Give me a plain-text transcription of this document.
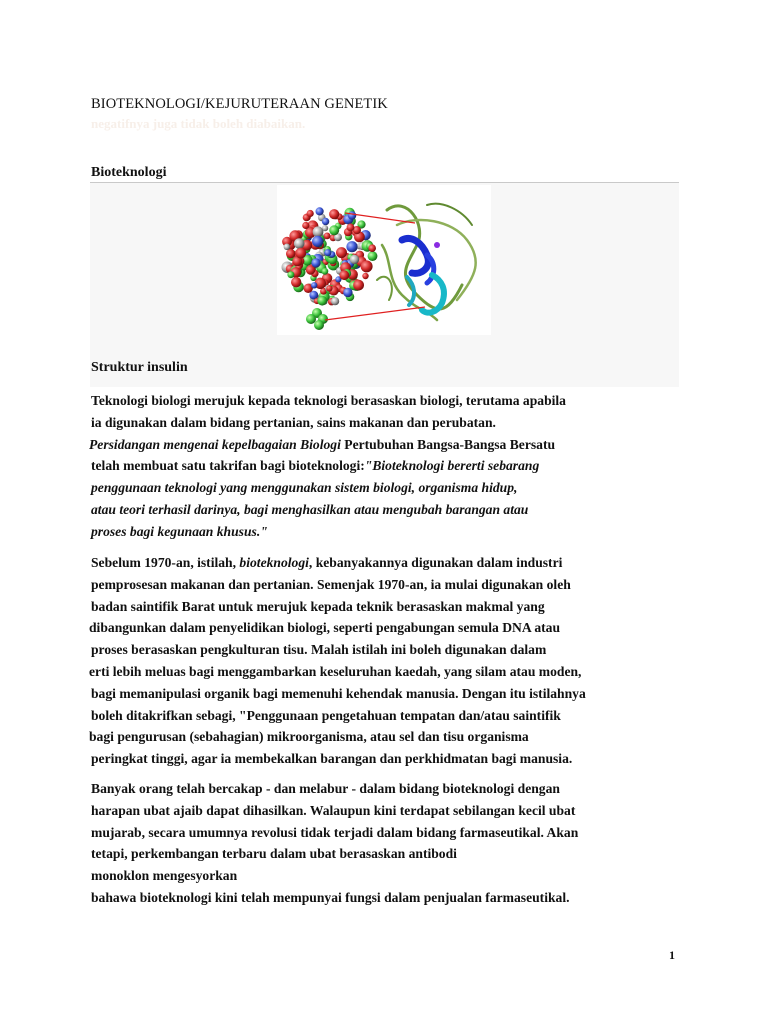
BIOTEKNOLOGI/KEJURUTERAAN GENETIK
negatifnya juga tidak boleh diabaikan.
Bioteknologi
Struktur insulin
Teknologi biologi merujuk kepada teknologi berasaskan biologi, terutama apabila
ia digunakan dalam bidang pertanian, sains makanan dan perubatan.
Persidangan mengenai kepelbagaian Biologi Pertubuhan Bangsa-Bangsa Bersatu
telah membuat satu takrifan bagi bioteknologi:"Bioteknologi bererti sebarang
penggunaan teknologi yang menggunakan sistem biologi, organisma hidup,
atau teori terhasil darinya, bagi menghasilkan atau mengubah barangan atau
proses bagi kegunaan khusus."
Sebelum 1970-an, istilah, bioteknologi, kebanyakannya digunakan dalam industri
pemprosesan makanan dan pertanian. Semenjak 1970-an, ia mulai digunakan oleh
badan saintifik Barat untuk merujuk kepada teknik berasaskan makmal yang
dibangunkan dalam penyelidikan biologi, seperti pengabungan semula DNA atau
proses berasaskan pengkulturan tisu. Malah istilah ini boleh digunakan dalam
erti lebih meluas bagi menggambarkan keseluruhan kaedah, yang silam atau moden,
bagi memanipulasi organik bagi memenuhi kehendak manusia. Dengan itu istilahnya
boleh ditakrifkan sebagi, "Penggunaan pengetahuan tempatan dan/atau saintifik
bagi pengurusan (sebahagian) mikroorganisma, atau sel dan tisu organisma
peringkat tinggi, agar ia membekalkan barangan dan perkhidmatan bagi manusia.
Banyak orang telah bercakap - dan melabur - dalam bidang bioteknologi dengan
harapan ubat ajaib dapat dihasilkan. Walaupun kini terdapat sebilangan kecil ubat
mujarab, secara umumnya revolusi tidak terjadi dalam bidang farmaseutikal. Akan
tetapi, perkembangan terbaru dalam ubat berasaskan antibodi
monoklon mengesyorkan
bahawa bioteknologi kini telah mempunyai fungsi dalam penjualan farmaseutikal.
1
